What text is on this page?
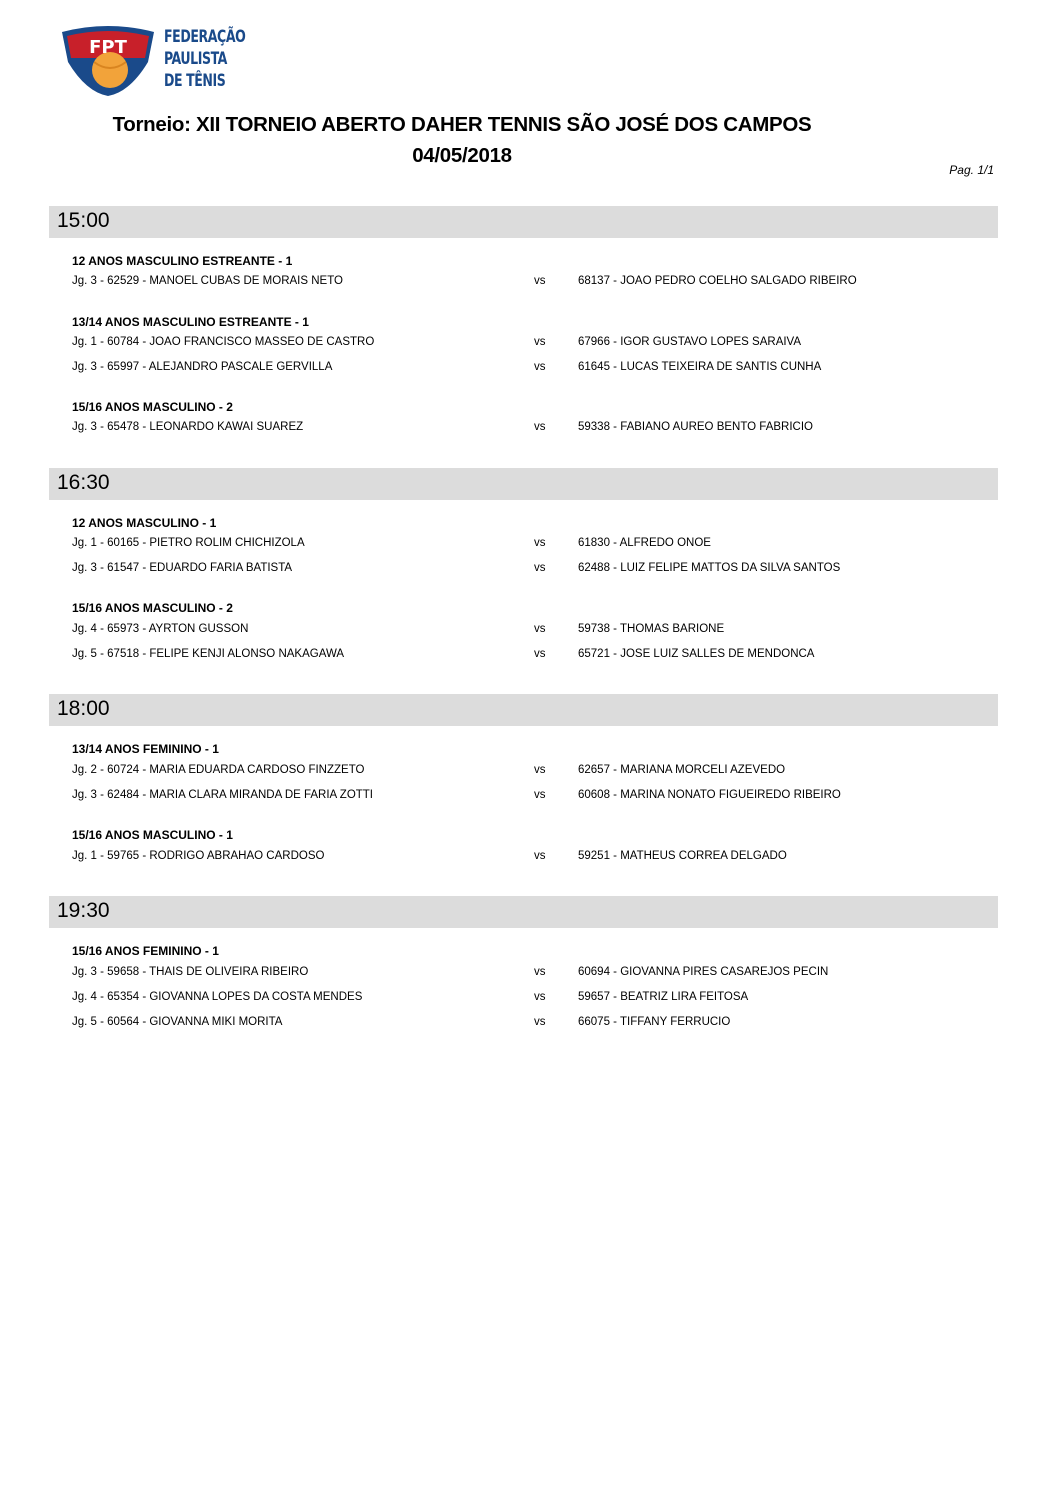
FPT FEDERAÇÃO
PAULISTA
DE TÊNIS
Torneio: XII TORNEIO ABERTO DAHER TENNIS SÃO JOSÉ DOS CAMPOS
04/05/2018
Pag. 1/1
15:00
12 ANOS MASCULINO ESTREANTE - 1
Jg. 3 - 62529 - MANOEL CUBAS DE MORAIS NETO	vs	68137 - JOAO PEDRO COELHO SALGADO RIBEIRO
13/14 ANOS MASCULINO ESTREANTE - 1
Jg. 1 - 60784 - JOAO FRANCISCO MASSEO DE CASTRO	vs	67966 - IGOR GUSTAVO LOPES SARAIVA
Jg. 3 - 65997 - ALEJANDRO PASCALE GERVILLA	vs	61645 - LUCAS TEIXEIRA DE SANTIS CUNHA
15/16 ANOS MASCULINO - 2
Jg. 3 - 65478 - LEONARDO KAWAI SUAREZ	vs	59338 - FABIANO AUREO BENTO FABRICIO
16:30
12 ANOS MASCULINO - 1
Jg. 1 - 60165 - PIETRO ROLIM CHICHIZOLA	vs	61830 - ALFREDO ONOE
Jg. 3 - 61547 - EDUARDO FARIA BATISTA	vs	62488 - LUIZ FELIPE MATTOS DA SILVA SANTOS
15/16 ANOS MASCULINO - 2
Jg. 4 - 65973 - AYRTON GUSSON	vs	59738 - THOMAS BARIONE
Jg. 5 - 67518 - FELIPE KENJI ALONSO NAKAGAWA	vs	65721 - JOSE LUIZ SALLES DE MENDONCA
18:00
13/14 ANOS FEMININO - 1
Jg. 2 - 60724 - MARIA EDUARDA CARDOSO FINZZETO	vs	62657 - MARIANA MORCELI AZEVEDO
Jg. 3 - 62484 - MARIA CLARA MIRANDA DE FARIA ZOTTI	vs	60608 - MARINA NONATO FIGUEIREDO RIBEIRO
15/16 ANOS MASCULINO - 1
Jg. 1 - 59765 - RODRIGO ABRAHAO CARDOSO	vs	59251 - MATHEUS CORREA DELGADO
19:30
15/16 ANOS FEMININO - 1
Jg. 3 - 59658 - THAIS DE OLIVEIRA RIBEIRO	vs	60694 - GIOVANNA PIRES CASAREJOS PECIN
Jg. 4 - 65354 - GIOVANNA LOPES DA COSTA MENDES	vs	59657 - BEATRIZ LIRA FEITOSA
Jg. 5 - 60564 - GIOVANNA MIKI MORITA	vs	66075 - TIFFANY FERRUCIO
